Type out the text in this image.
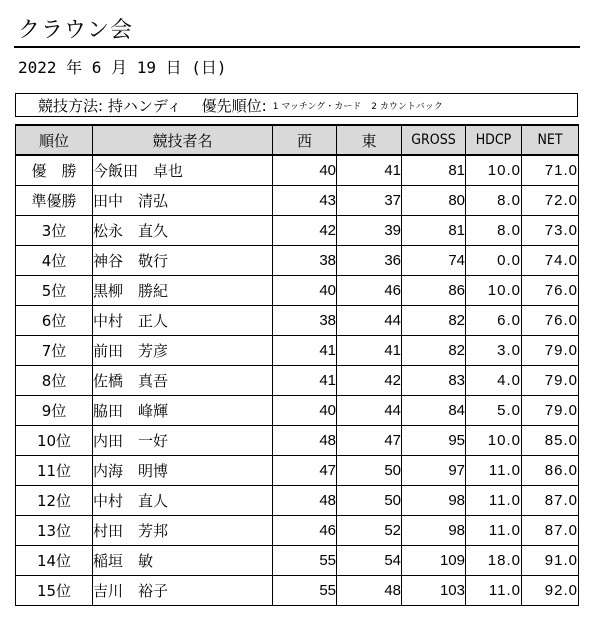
クラウン会
2022 年 6 月 19 日 (日)
競技方法: 持ハンディ 優先順位: 1 マッチング・カード 2 カウントバック
順位	競技者名	西	東	GROSS	HDCP	NET
優　勝	今飯田　卓也	40	41	81	10.0	71.0
準優勝	田中　清弘	43	37	80	8.0	72.0
3位	松永　直久	42	39	81	8.0	73.0
4位	神谷　敬行	38	36	74	0.0	74.0
5位	黒柳　勝紀	40	46	86	10.0	76.0
6位	中村　正人	38	44	82	6.0	76.0
7位	前田　芳彦	41	41	82	3.0	79.0
8位	佐橋　真吾	41	42	83	4.0	79.0
9位	脇田　峰輝	40	44	84	5.0	79.0
10位	内田　一好	48	47	95	10.0	85.0
11位	内海　明博	47	50	97	11.0	86.0
12位	中村　直人	48	50	98	11.0	87.0
13位	村田　芳邦	46	52	98	11.0	87.0
14位	稲垣　敏	55	54	109	18.0	91.0
15位	吉川　裕子	55	48	103	11.0	92.0
